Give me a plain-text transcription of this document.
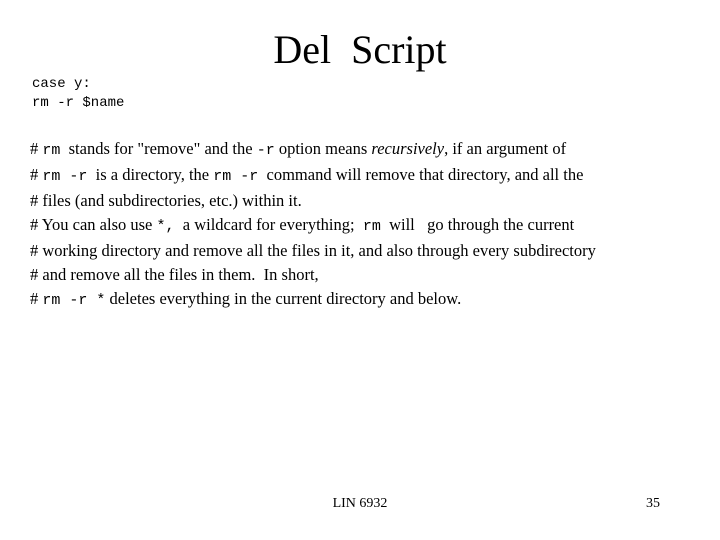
Del  Script
case y:
rm -r $name
# rm  stands for "remove" and the -r option means recursively, if an argument of
# rm -r  is a directory, the rm -r  command will remove that directory, and all the
# files (and subdirectories, etc.) within it.
# You can also use *,  a wildcard for everything;  rm  will   go through the current
# working directory and remove all the files in it, and also through every subdirectory
# and remove all the files in them.  In short,
# rm -r * deletes everything in the current directory and below.
LIN 6932	35
